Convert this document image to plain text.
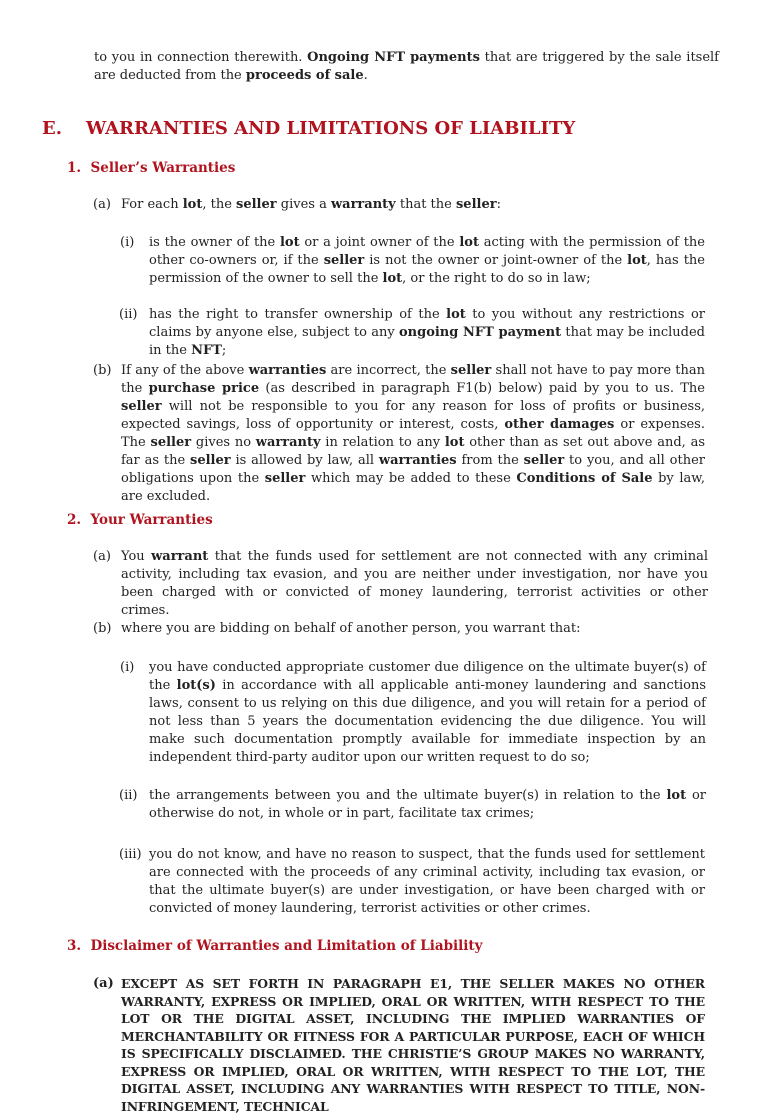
to you in connection therewith. Ongoing NFT payments that are triggered by the sale itself are deducted from the proceeds of sale.

E. WARRANTIES AND LIMITATIONS OF LIABILITY
1.  Seller’s Warranties
(a) For each lot, the seller gives a warranty that the seller:

(i) is the owner of the lot or a joint owner of the lot acting with the permission of the other co-owners or, if the seller is not the owner or joint-owner of the lot, has the permission of the owner to sell the lot, or the right to do so in law;

(ii) has the right to transfer ownership of the lot to you without any restrictions or claims by anyone else, subject to any ongoing NFT payment that may be included in the NFT;

(b) If any of the above warranties are incorrect, the seller shall not have to pay more than the purchase price (as described in paragraph F1(b) below) paid by you to us. The seller will not be responsible to you for any reason for loss of profits or business, expected savings, loss of opportunity or interest, costs, other damages or expenses. The seller gives no warranty in relation to any lot other than as set out above and, as far as the seller is allowed by law, all warranties from the seller to you, and all other obligations upon the seller which may be added to these Conditions of Sale by law, are excluded.

2.  Your Warranties
(a) You warrant that the funds used for settlement are not connected with any criminal activity, including tax evasion, and you are neither under investigation, nor have you been charged with or convicted of money laundering, terrorist activities or other crimes.

(b) where you are bidding on behalf of another person, you warrant that:

(i) you have conducted appropriate customer due diligence on the ultimate buyer(s) of the lot(s) in accordance with all applicable anti-money laundering and sanctions laws, consent to us relying on this due diligence, and you will retain for a period of not less than 5 years the documentation evidencing the due diligence. You will make such documentation promptly available for immediate inspection by an independent third-party auditor upon our written request to do so;

(ii) the arrangements between you and the ultimate buyer(s) in relation to the lot or otherwise do not, in whole or in part, facilitate tax crimes;

(iii) you do not know, and have no reason to suspect, that the funds used for settlement are connected with the proceeds of any criminal activity, including tax evasion, or that the ultimate buyer(s) are under investigation, or have been charged with or convicted of money laundering, terrorist activities or other crimes.

3.  Disclaimer of Warranties and Limitation of Liability
(a) EXCEPT AS SET FORTH IN PARAGRAPH E1, THE SELLER MAKES NO OTHER WARRANTY, EXPRESS OR IMPLIED, ORAL OR WRITTEN, WITH RESPECT TO THE LOT OR THE DIGITAL ASSET, INCLUDING THE IMPLIED WARRANTIES OF MERCHANTABILITY OR FITNESS FOR A PARTICULAR PURPOSE, EACH OF WHICH IS SPECIFICALLY DISCLAIMED. THE CHRISTIE’S GROUP MAKES NO WARRANTY, EXPRESS OR IMPLIED, ORAL OR WRITTEN, WITH RESPECT TO THE LOT, THE DIGITAL ASSET, INCLUDING ANY WARRANTIES WITH RESPECT TO TITLE, NON-INFRINGEMENT, TECHNICAL
